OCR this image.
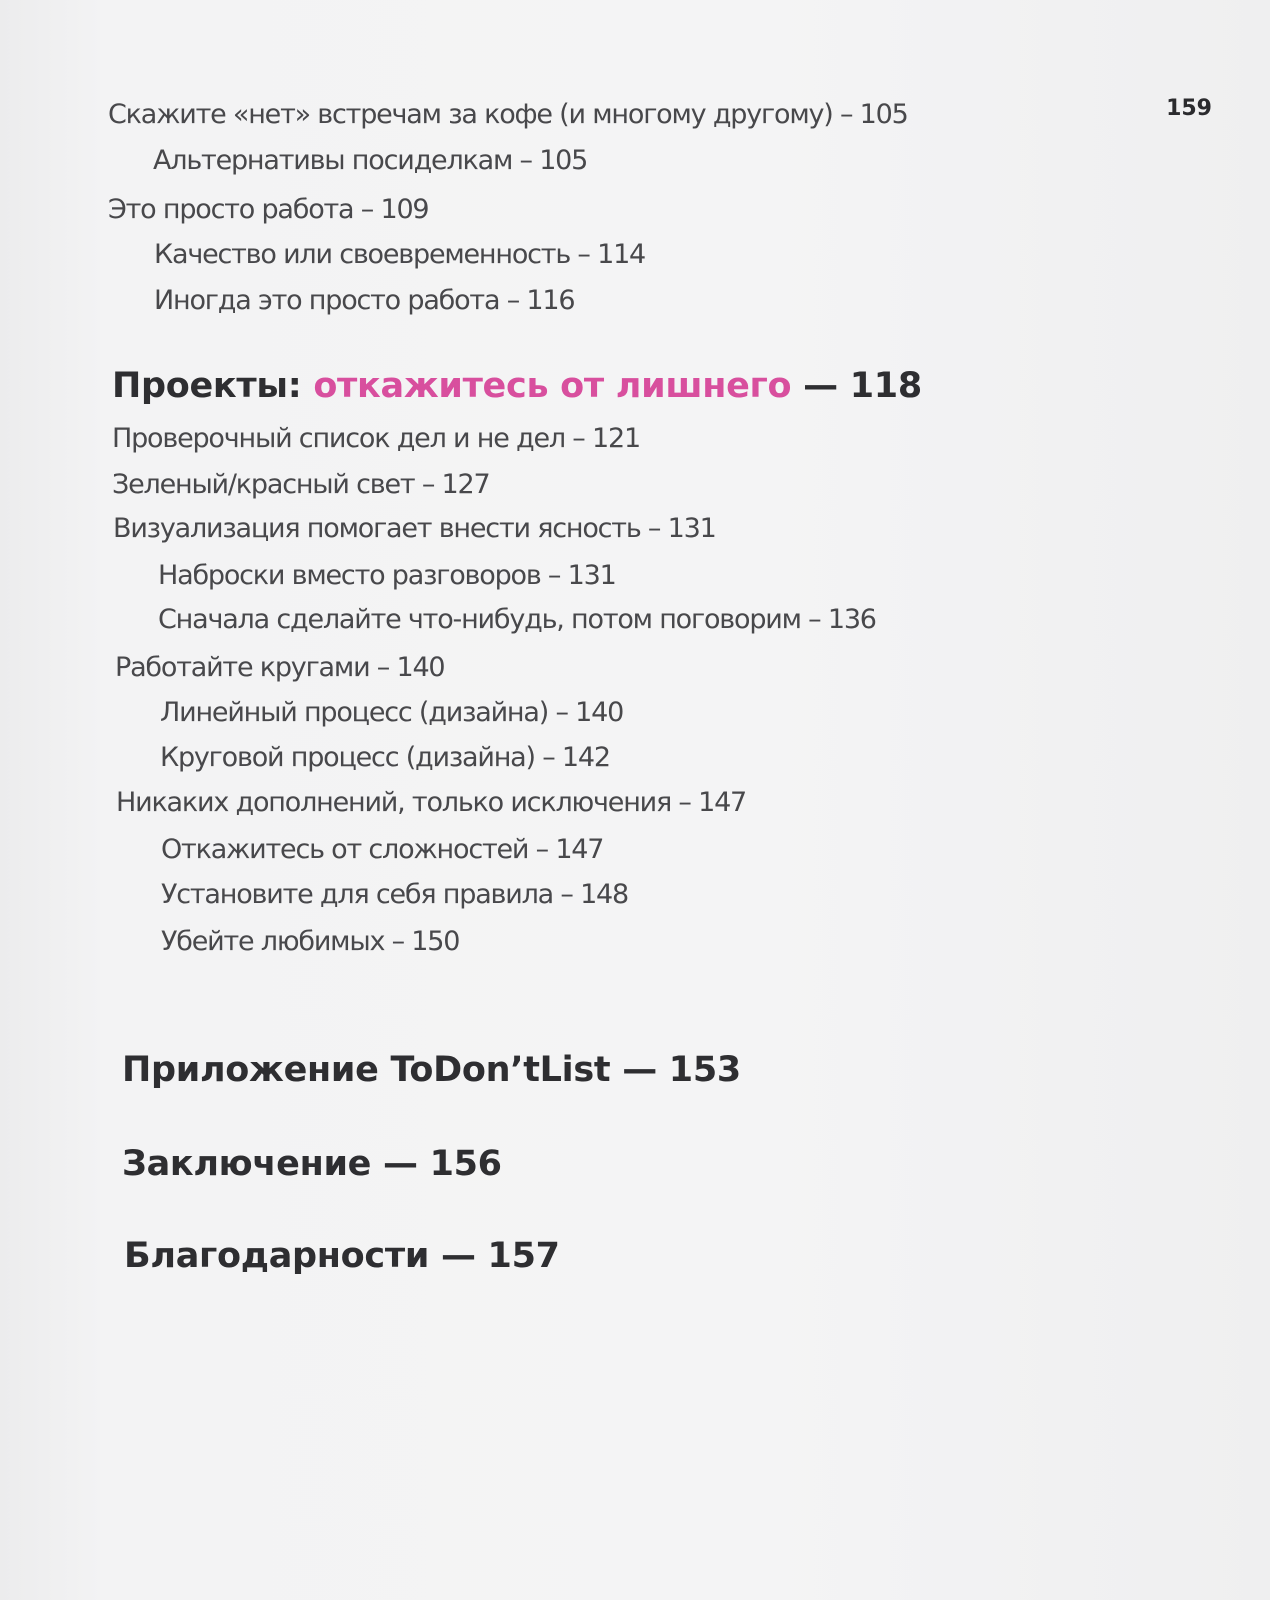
159
Скажите «нет» встречам за кофе (и многому другому) – 105
Альтернативы посиделкам – 105
Это просто работа – 109
Качество или своевременность – 114
Иногда это просто работа – 116
Проекты: откажитесь от лишнего — 118
Проверочный список дел и не дел – 121
Зеленый/красный свет – 127
Визуализация помогает внести ясность – 131
Наброски вместо разговоров – 131
Сначала сделайте что-нибудь, потом поговорим – 136
Работайте кругами – 140
Линейный процесс (дизайна) – 140
Круговой процесс (дизайна) – 142
Никаких дополнений, только исключения – 147
Откажитесь от сложностей – 147
Установите для себя правила – 148
Убейте любимых – 150
Приложение ToDon’tList — 153
Заключение — 156
Благодарности — 157
